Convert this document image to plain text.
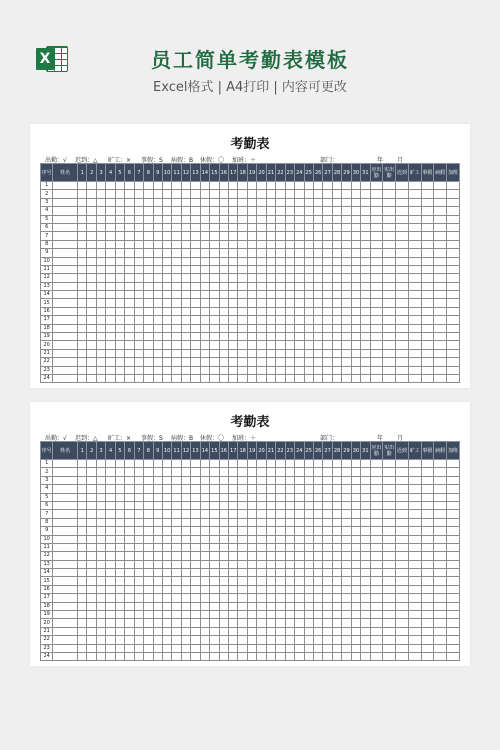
X	员工简单考勤表模板
Excel格式 | A4打印 | 内容可更改
考勤表
出勤：√ 迟到：△ 旷工：× 事假：S 病假：B 休假：〇 加班：＋	部门：	年 月
序号	姓名	1	2	3	4	5	6	7	8	9	10	11	12	13	14	15	16	17	18	19	20	21	22	23	24	25	26	27	28	29	30	31	应出勤	实出勤	迟到	旷工	事假	病假	加班
1																																							
2																																							
3																																							
4																																							
5																																							
6																																							
7																																							
8																																							
9																																							
10																																							
11																																							
12																																							
13																																							
14																																							
15																																							
16																																							
17																																							
18																																							
19																																							
20																																							
21																																							
22																																							
23																																							
24																																							
考勤表
出勤：√ 迟到：△ 旷工：× 事假：S 病假：B 休假：〇 加班：＋	部门：	年 月
序号	姓名	1	2	3	4	5	6	7	8	9	10	11	12	13	14	15	16	17	18	19	20	21	22	23	24	25	26	27	28	29	30	31	应出勤	实出勤	迟到	旷工	事假	病假	加班
1																																							
2																																							
3																																							
4																																							
5																																							
6																																							
7																																							
8																																							
9																																							
10																																							
11																																							
12																																							
13																																							
14																																							
15																																							
16																																							
17																																							
18																																							
19																																							
20																																							
21																																							
22																																							
23																																							
24																																							
